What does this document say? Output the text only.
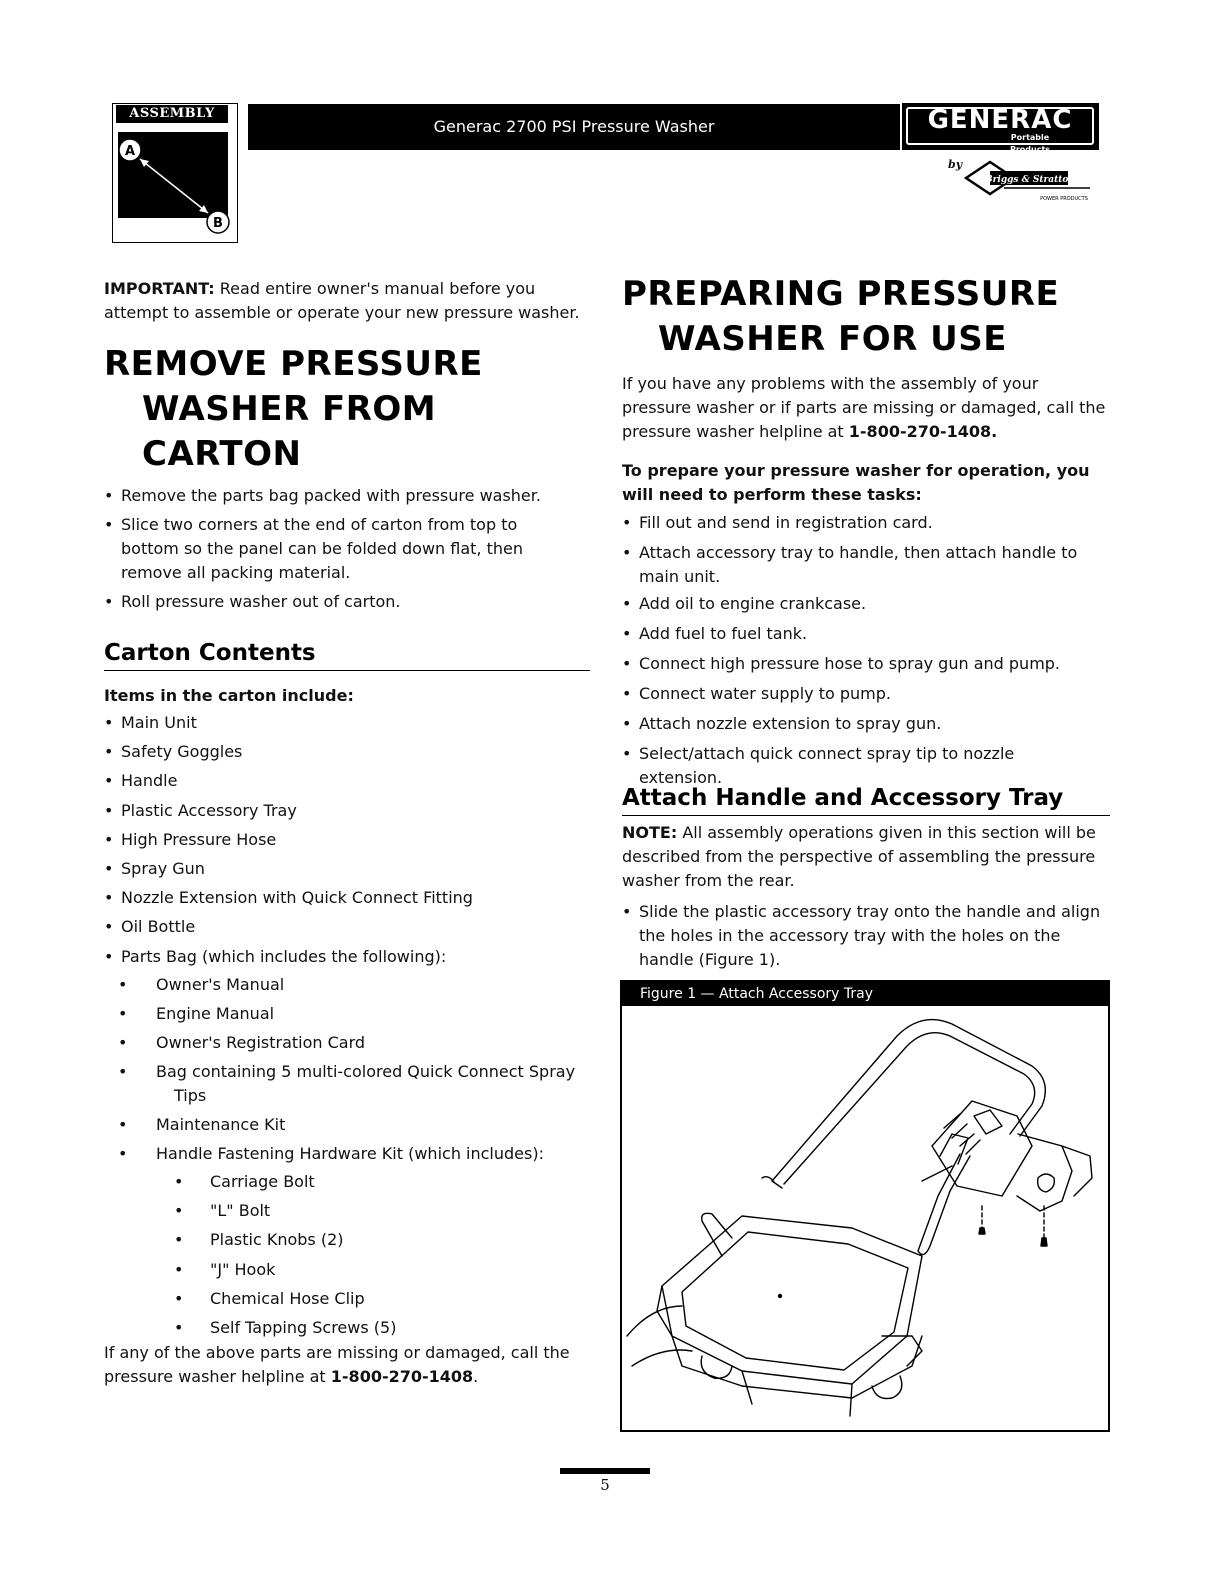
ASSEMBLY
A
B
Generac 2700 PSI Pressure Washer	GENERAC
Portable Products
by
Briggs & Stratton
POWER PRODUCTS
IMPORTANT: Read entire owner's manual before you
attempt to assemble or operate your new pressure washer.
REMOVE PRESSURE
WASHER FROM
CARTON
• Remove the parts bag packed with pressure washer.
• Slice two corners at the end of carton from top to
bottom so the panel can be folded down flat, then
remove all packing material.
• Roll pressure washer out of carton.
Carton Contents
Items in the carton include:
• Main Unit
• Safety Goggles
• Handle
• Plastic Accessory Tray
• High Pressure Hose
• Spray Gun
• Nozzle Extension with Quick Connect Fitting
• Oil Bottle
• Parts Bag (which includes the following):
•	Owner's Manual
•	Engine Manual
•	Owner's Registration Card
•	Bag containing 5 multi-colored Quick Connect Spray
Tips
•	Maintenance Kit
•	Handle Fastening Hardware Kit (which includes):
•	Carriage Bolt
•	"L" Bolt
•	Plastic Knobs (2)
•	"J" Hook
•	Chemical Hose Clip
•	Self Tapping Screws (5)
If any of the above parts are missing or damaged, call the
pressure washer helpline at 1-800-270-1408.
PREPARING PRESSURE
WASHER FOR USE
If you have any problems with the assembly of your
pressure washer or if parts are missing or damaged, call the
pressure washer helpline at 1-800-270-1408.
To prepare your pressure washer for operation, you
will need to perform these tasks:
• Fill out and send in registration card.
• Attach accessory tray to handle, then attach handle to
main unit.
• Add oil to engine crankcase.
• Add fuel to fuel tank.
• Connect high pressure hose to spray gun and pump.
• Connect water supply to pump.
• Attach nozzle extension to spray gun.
• Select/attach quick connect spray tip to nozzle extension.
Attach Handle and Accessory Tray
NOTE: All assembly operations given in this section will be
described from the perspective of assembling the pressure
washer from the rear.
• Slide the plastic accessory tray onto the handle and align
the holes in the accessory tray with the holes on the
handle (Figure 1).
Figure 1 — Attach Accessory Tray
5
